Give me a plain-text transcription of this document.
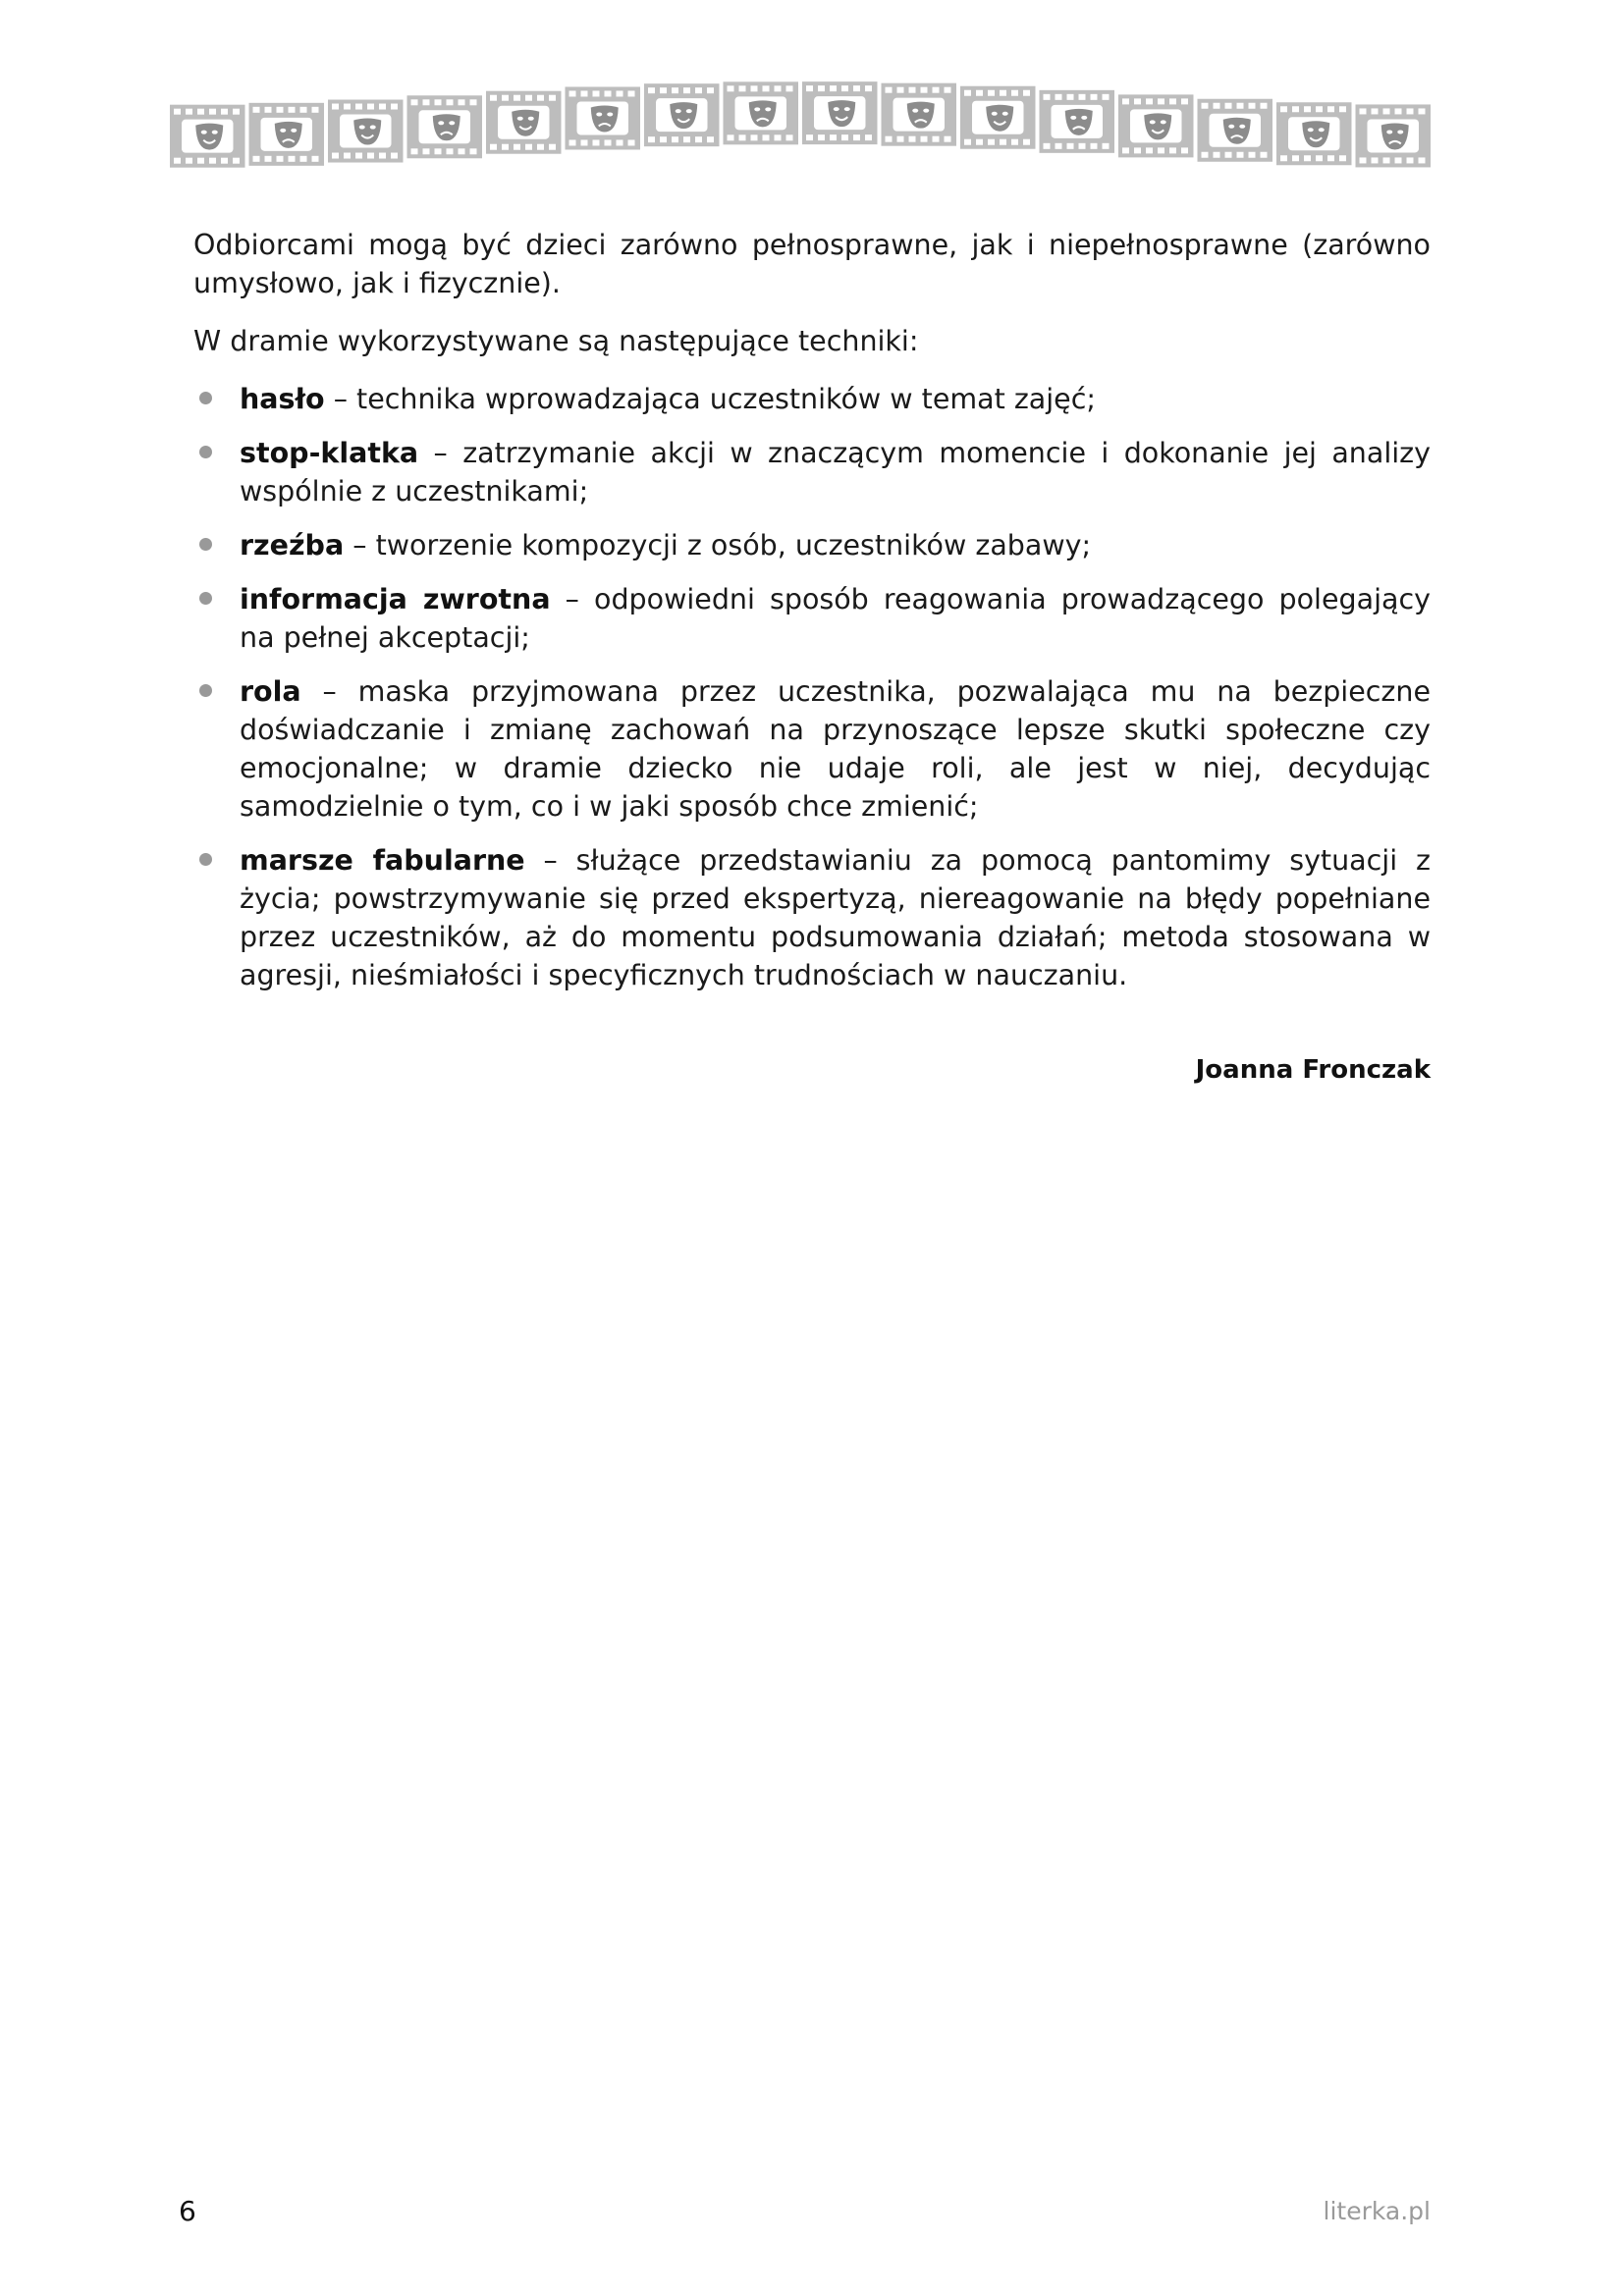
Odbiorcami mogą być dzieci zarówno pełnosprawne, jak i niepełnosprawne (zarówno umysłowo, jak i fizycznie).

W dramie wykorzystywane są następujące techniki:

hasło – technika wprowadzająca uczestników w temat zajęć;
stop-klatka – zatrzymanie akcji w znaczącym momencie i dokonanie jej analizy wspólnie z uczestnikami;
rzeźba – tworzenie kompozycji z osób, uczestników zabawy;
informacja zwrotna – odpowiedni sposób reagowania prowadzącego polegający na pełnej akceptacji;
rola – maska przyjmowana przez uczestnika, pozwalająca mu na bezpieczne doświadczanie i zmianę zachowań na przynoszące lepsze skutki społeczne czy emocjonalne; w dramie dziecko nie udaje roli, ale jest w niej, decydując samodzielnie o tym, co i w jaki sposób chce zmienić;
marsze fabularne – służące przedstawianiu za pomocą pantomimy sytuacji z życia; powstrzymywanie się przed ekspertyzą, niereagowanie na błędy popełniane przez uczestników, aż do momentu podsumowania działań; metoda stosowana w agresji, nieśmiałości i specyficznych trudnościach w nauczaniu.
Joanna Fronczak
6	literka.pl
